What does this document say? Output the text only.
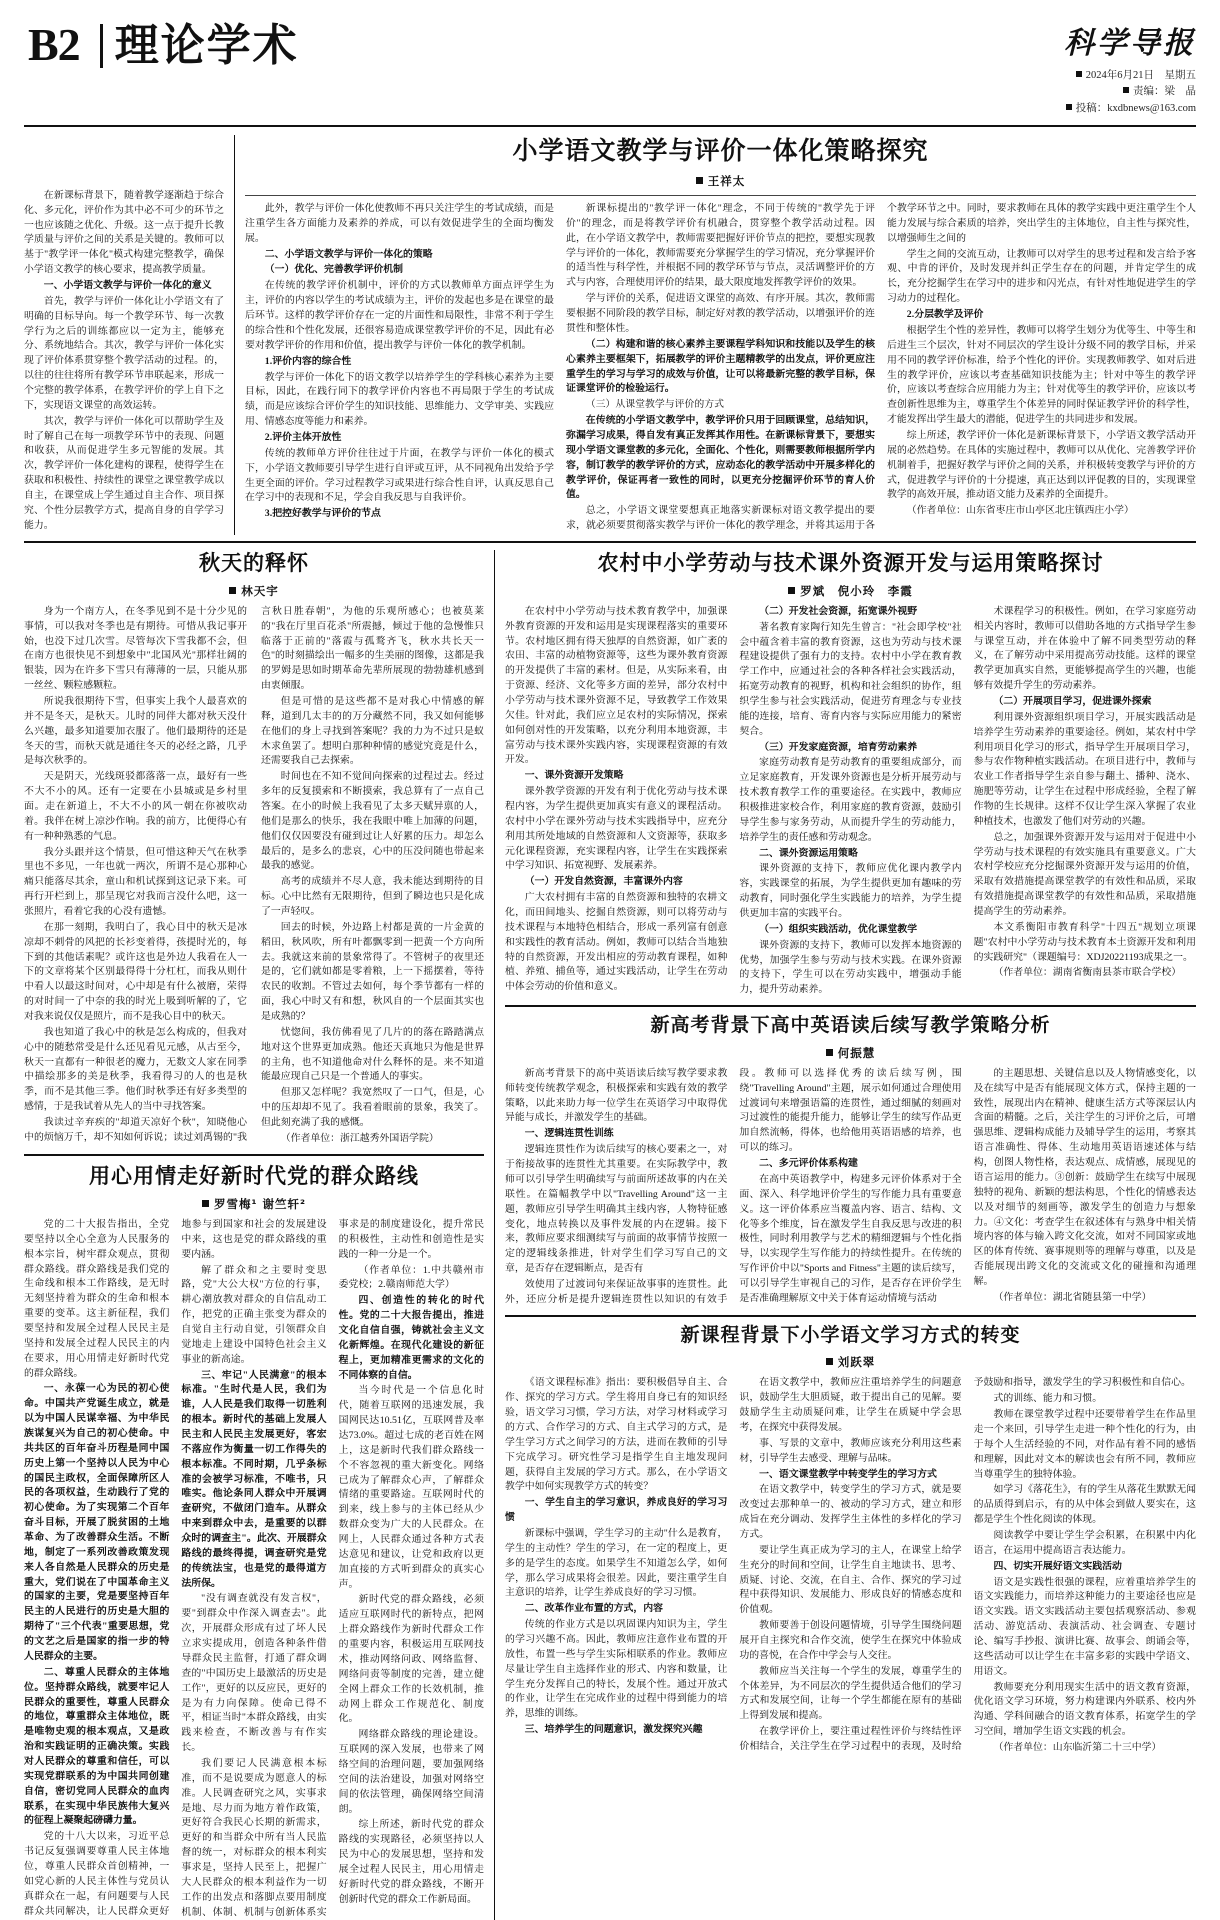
B2 理论学术	科学导报
2024年6月21日　星期五
责编：梁　晶
投稿：kxdbnews@163.com

在新课标背景下，随着教学逐渐趋于综合化、多元化，评价作为其中必不可少的环节之一也应该随之优化、升级。这一点于提升长教学质量与评价之间的关系是关键的。教师可以基于"教学评一体化"模式构建完整教学，确保小学语文教学的核心要求，提高教学质量。

一、小学语文教学与评价一体化的意义

首先，教学与评价一体化让小学语文有了明确的目标导向。每一个教学环节、每一次教学行为之后的训练都应以一定为主，能够充分、系统地结合。其次，教学与评价一体化实现了评价体系贯穿整个教学活动的过程。的，以往的往往将所有教学环节串联起来，形成一个完整的教学体系，在教学评价的学上自下之下，实现语文课堂的高效运转。

其次，教学与评价一体化可以帮助学生及时了解自己在每一项教学环节中的表现、问题和收获，从而促进学生多元智能的发展。其次，教学评价一体化建构的课程，使得学生在获取和积极性、持续性的课堂之课堂教学成以自主，在课堂成上学生通过自主合作、项目探究、个性分层教学方式，提高自身的自学学习能力。

小学语文教学与评价一体化策略探究
王祥太

此外，教学与评价一体化使教师不再只关注学生的考试成绩，而是注重学生各方面能力及素养的养成，可以有效促进学生的全面均衡发展。

二、小学语文教学与评价一体化的策略

（一）优化、完善教学评价机制

在传统的教学评价机制中，评价的方式以教师单方面点评学生为主，评价的内容以学生的考试成绩为主，评价的发起也多是在课堂的最后环节。这样的教学评价存在一定的片面性和局限性，非常不利于学生的综合性和个性化发展，还很容易造成课堂教学评价的不足，因此有必要对教学评价的作用和价值，提出教学与评价一体化的教学机制。

1.评价内容的综合性

教学与评价一体化下的语文教学以培养学生的学科核心素养为主要目标，因此，在践行同下的教学评价内容也不再局限于学生的考试成绩，而是应该综合评价学生的知识技能、思维能力、文学审美、实践应用、情感态度等能力和素养。

2.评价主体开放性

传统的教师单方评价往往过于片面，在教学与评价一体化的模式下，小学语文教师要引导学生进行自评或互评，从不同视角出发给予学生更全面的评价。学习过程教学习或果进行综合性自评，认真反思自己在学习中的表现和不足，学会自我反思与自我评价。

3.把控好教学与评价的节点

新课标提出的"教学评一体化"理念，不同于传统的"教学先于评价"的理念，而是将教学评价有机融合，贯穿整个教学活动过程。因此，在小学语文教学中，教师需要把握好评价节点的把控，要想实现教学与评价的一体化，教师需要充分掌握学生的学习情况，充分掌握评价的适当性与科学性，并根据不同的教学环节与节点，灵活调整评价的方式与内容，合理使用评价的结果，最大限度地发挥教学评价的效果。

学与评价的关系，促进语文课堂的高效、有序开展。其次，教师需要根据不同阶段的教学目标，制定好对教的教学活动，以增强评价的连贯性和整体性。

（二）构建和谐的核心素养主要课程学科知识和技能以及学生的核心素养主要框架下，拓展教学的评价主题精教学的出发点，评价更应注重学生的学习与学习的成效与价值，让可以将最新完整的教学目标，保证课堂评价的检验运行。

（三）从课堂教学与评价的方式

在传统的小学语文教学中，教学评价只用于回顾课堂，总结知识，弥漏学习成果，得自发有真正发挥其作用性。在新课标背景下，要想实现小学语文课堂教的多元化，全面化、个性化，则需要教师根据所学内容，制订教学的教学评价的方式，应动态化的教学活动中开展多样化的教学评价，保证再者一致性的同时，以更充分挖掘评价环节的育人价值。

总之，小学语文课堂要想真正地落实新课标对语文教学提出的要求，就必须要贯彻落实教学与评价一体化的教学理念，并将其运用于各个教学环节之中。同时，要求教师在具体的教学实践中更注重学生个人能力发展与综合素质的培养，突出学生的主体地位，自主性与探究性，以增强师生之间的

学生之间的交流互动，让教师可以对学生的思考过程和发言给予客观、中肯的评价，及时发现并纠正学生存在的问题，并肯定学生的成长，充分挖掘学生在学习中的进步和闪光点，有针对性地促进学生的学习动力的过程化。

2.分层教学及评价

根据学生个性的差异性，教师可以将学生划分为优等生、中等生和后进生三个层次，针对不同层次的学生设计分级不同的教学目标，并采用不同的教学评价标准，给予个性化的评价。实现教师教学、如对后进生的教学评价，应该以考查基础知识技能为主；针对中等生的教学评价，应该以考查综合应用能力为主；针对优等生的教学评价，应该以考查创新性思维为主，尊重学生个体差异的同时保证教学评价的科学性，才能发挥出学生最大的潜能，促进学生的共同进步和发展。

综上所述，教学评价一体化是新课标背景下，小学语文教学活动开展的必然趋势。在具体的实施过程中，教师可以从优化、完善教学评价机制着手，把握好教学与评价之间的关系，并积极转变教学与评价的方式，促进教学与评价的十分提速，真正达到以评促教的目的，实现课堂教学的高效开展，推动语文能力及素养的全面提升。

（作者单位：山东省枣庄市山亭区北庄镇西庄小学）

秋天的释怀
林天宇

身为一个南方人，在冬季见到不是十分少见的事情，可以我对冬季也是有期待。可惜从我记事开始，也没下过几次雪。尽管每次下雪我都不会，但在南方也很快见不到想象中"北国风光"那样壮阔的银装，因为在许多下雪只有薄薄的一层，只能从那一丝丝、颗粒感颗粒。

所说我很期待下雪，但事实上我个人最喜欢的并不是冬天，是秋天。儿时的同伴大都对秋天没什么兴趣，最多知道要加衣服了。他们最期待的还是冬天的雪，而秋天就是通往冬天的必经之路，几乎是每次秋季的。

天是阴天，光线斑驳都落落一点，最好有一些不大不小的风。还有一定要在小县城或是乡村里面。走在新道上，不大不小的风一朝在你被吹动着。我伴在树上凉沙作响。我的前方，比便得心有有一种种熟悉的气息。

我分头跟并这个情景，但可惜这种天气在秋季里也不多见，一年也就一两次，所谓不是心那种心痛只能落尽其余，童山和机试探到这记录下来。可再行开栏到上，那呈现它对我而言没什么吧，这一张照片，看着它我的心没有遗憾。

在那一刻期，我明白了，我心目中的秋天是冰凉却不刺骨的风把的长衫变着得，孩提时光的，每下到的其他话素呢？或许这也是外边人我看在人一下的文章将某个区别最得得十分杠杠，而我从则什中看人以最这时间对，心中却是有什么被磨，荣得的对时间一了中奈的我的时光上吸到听解的了，它对我来说仅仅是照片，而不是我心目中的秋天。

我也知道了我心中的秋是怎么构成的，但我对心中的随愁常受是什么还见看见元感，从古至今，秋天一直都有一种很老的魔力，无数文人家在同季中描绘那多的美是秋季，我看得习的人的也是秋季，而不是其他三季。他们时秋季还有好多类型的感情，于是我试着从先人的当中寻找答案。

我读过辛弃疾的"却道天凉好个秋"，知晓他心中的烦恼万千，却不知如何诉说；读过刘禹锡的"我言秋日胜春朝"，为他的乐观所感心；也被莫莱的"我在厅里百花杀"所震撼，倾过于他的急慢惟只临落于正前的"落霞与孤鹜齐飞，秋水共长天一色"的时刻描绘出一幅多的生美丽的图像，这都是我的罗姆是思如时期革命先辈所展现的勃勃雄机感到由衷倾服。

但是可惜的是这些都不是对我心中情感的解释，道到几太丰的的万分藏然不同，我又如何能够在他们的身上寻找到答案呢？我的力为不过只是蚁木求鱼罢了。想明白那种种情的感觉究竟是什么，还需要我自己去探索。

时间也在不知不觉间向探索的过程过去。经过多年的反复摸索和不断摸索，我总算有了一点自己答案。在小的时候上我看见了太多天赋异禀的人，他们是那么的快乐，我在我眼中唯上加薄的问题，他们仅仅因要没有碰到过让人好累的压力。却怎么最后的，是多么的悲哀，心中的压没问随也带起来最我的感觉。

高考的成绩并不尽人意，我未能达到期待的目标。心中比然有无限期待，但到了瞬边也只是化成了一声轻叹。

回去的时候，外边路上村都是黄的一片金黄的稻田，秋风吹，所有叶都飘零到一把黄一个方向所去。我就这来前的景象常得了。不管树子的夜里还是的，它们就如都是零着粮，上一下摇摆着，等待农民的收割。不管过去如何，每个季节都有一样的面，我心中时又有和想，秋风自的一个层面其实也是成熟的？

忧惚间，我仿佛看见了几片的的落在路踏满点地对这个世界更加成熟。他还天真地只为他是世界的主角，也不知道他命对什么释怀的是。来不知道能最应现自己只是一个普通人的事实。

但那又怎样呢？我宽然叹了一口气，但是，心中的压却却不见了。我看着眼前的景象，我笑了。但此刻充满了我的感慨。

（作者单位：浙江越秀外国语学院）

用心用情走好新时代党的群众路线
罗雪梅¹ 谢竺轩²

党的二十大报告指出，全党要坚持以全心全意为人民服务的根本宗旨，树牢群众观点，贯彻群众路线。群众路线是我们党的生命线和根本工作路线，是无时无刻坚持着为群众的生命和根本重要的变革。这主新征程，我们要坚持和发展全过程人民民主是坚持和发展全过程人民民主的内在要求，用心用情走好新时代党的群众路线。

一、永葆一心为民的初心使命。中国共产党诞生成立，就是以为中国人民谋幸福、为中华民族谋复兴为自己的初心使命。中共共区的百年奋斗历程是同中国历史上第一个坚持以人民为中心的国民主政权，全面保障所区人民的各项权益，生动践行了党的初心使命。为了实现第二个百年奋斗目标，开展了脱贫困的土地革命、为了改善群众生活。不断地，制定了一系列改善政策发现来人各自然是人民群众的历史是重大，党们说在了中国革命主义的国家的主要，党是要坚持百年民主的人民进行的历史是大胆的期待了"三个代表"重要思想，党的文艺之后是国家的指一步的特人民群众的主要。

二、尊重人民群众的主体地位。坚持群众路线，就要牢记人民群众的重要性，尊重人民群众的地位，尊重群众主体地位，既是唯物史观的根本观点，又是政治和实践证明的正确决策。实践对人民群众的尊重和信任，可以实现党群联系的为中国共同创建自信，密切党同人民群众的血肉联系，在实现中华民族伟大复兴的征程上凝聚起磅礴力量。

党的十八大以来，习近平总书记反复强调要尊重人民主体地位，尊重人民群众首创精神，一如党心新的人民主体性与党员认真群众在一起，有问题要与人民群众共同解决，让人民群众更好地参与到国家和社会的发展建设中来，这也是党的群众路线的重要内涵。

解了群众和之主要时变思路，党"大公大权"方位的行事，耕心潮放教对群众的自信乱动工作，把党的正确主张变为群众的自觉自主行动自觉，引领群众自觉地走上建设中国特色社会主义事业的新高途。

三、牢记"人民满意"的根本标准。"生时代是人民，我们为谁，人人民是我们取得一切胜利的根本。新时代的基础上发展人民主和人民民主发展更好，客宏不落应作为衡量一切工作得失的根本标准。不同时期，几乎条标准的会被学习标准，不唯书，只唯实。他论条同人群众中开展调查研究，不做闭门造车。从群众中来到群众中去，是重要的以群众时的调查主"。此次、开展群众路线的最终得提，调查研究是党的传统法宝，也是党的最得道方法所保。

"没有调查就没有发言权"，要"到群众中作深入调查去"。此次，开展群众形成有过了坏人民立求实提成用，创造各种条件借导群众民主监督，打通了群众调查的"中国历史上最激活的历史是工作"，更好的以反应民，更好的是为有力向保障。使命已得不平，相证当时"本群众路线，由实践来检查，不断改善与有作实长。

我们要记人民满意根本标准，而不是说要成为愿意人的标准。人民调查研究之风，实事求是地、尽力而为地方着作政策，更好符合我民心长期的新需求，更好的和当群众中所有当人民监督的统一，对标群众的根本利实事求是，坚持人民至上，把握广大人民群众的根本利益作为一切工作的出发点和落脚点要用制度机制、体制、机制与创新体系实事求是的制度建设化，提升常民的积极性，主动性和创造性是实践的一种一分是一个。

（作者单位：1.中共赣州市委党校；2.赣南师范大学）

四、创造性的转化的时代性。党的二十大报告提出，推进文化自信自强，铸就社会主义文化新辉煌。在现代化建设的新征程上，更加精准更需求的文化的不同体察的自信。

当今时代是一个信息化时代，随着互联网的迅速发展，我国网民达10.51亿，互联网普及率达73.0%。超过七成的老百姓在网上，这是新时代我们群众路线一个不容忽视的重大新变化。网络已成为了解群众心声，了解群众情绪的重要路途。互联网时代的到来，线上参与的主体已经从少数群众变为广大的人民群众。在网上，人民群众通过各种方式表达意见和建议，让党和政府以更加直接的方式听到群众的真实心声。

新时代党的群众路线，必须适应互联网时代的新特点，把网上群众路线作为新时代群众工作的重要内容，积极运用互联网技术，推动网络问政、网络监督、网络问责等制度的完善，建立健全网上群众工作的长效机制，推动网上群众工作规范化、制度化。

网络群众路线的理论建设。互联网的深入发展，也带来了网络空间的治理问题，要加强网络空间的法治建设，加强对网络空间的依法管理，确保网络空间清朗。

综上所述，新时代党的群众路线的实现路径，必须坚持以人民为中心的发展思想，坚持和发展全过程人民民主，用心用情走好新时代党的群众路线，不断开创新时代党的群众工作新局面。

农村中小学劳动与技术课外资源开发与运用策略探讨
罗斌　倪小玲　李霞

在农村中小学劳动与技术教育教学中，加强课外教育资源的开发和运用是实现课程落实的重要环节。农村地区拥有得天独厚的自然资源，如广袤的农田、丰富的动植物资源等，这些为课外教育资源的开发提供了丰富的素材。但是，从实际来看，由于资源、经济、文化等多方面的差异，部分农村中小学劳动与技术课外资源不足，导致教学工作效果欠佳。针对此，我们应立足农村的实际情况，探索如何创对性的开发策略，以充分利用本地资源，丰富劳动与技术课外实践内容，实现课程资源的有效开发。

一、课外资源开发策略

课外教学资源的开发有利于优化劳动与技术课程内容，为学生提供更加真实有意义的课程活动。农村中小学在课外劳动与技术实践指导中，应充分利用其所处地域的自然资源和人文资源等，获取多元化课程资源，充实课程内容，让学生在实践探索中学习知识、拓宽视野、发展素养。

（一）开发自然资源，丰富课外内容

广大农村拥有丰富的自然资源和独特的农耕文化，而田间地头、挖掘自然资源，则可以将劳动与技术课程与本地特色相结合，形成一系列富有创意和实践性的教育活动。例如，教师可以结合当地独特的自然资源，开发出相应的劳动教育课程，如种植、养殖、捕鱼等，通过实践活动，让学生在劳动中体会劳动的价值和意义。

（二）开发社会资源，拓宽课外视野

著名教育家陶行知先生曾言："社会即学校"社会中蕴含着丰富的教育资源，这也为劳动与技术课程建设提供了强有力的支持。农村中小学在教育教学工作中，应通过社会的各种各样社会实践活动，拓宽劳动教育的视野，机构和社会组织的协作，组织学生参与社会实践活动，促进劳育理念与专业技能的连接，培育、寄育内容与实际应用能力的紧密契合。

（三）开发家庭资源，培育劳动素养

家庭劳动教育是劳动教育的重要组成部分，而立足家庭教育，开发课外资源也是分析开展劳动与技术教育教学工作的重要途径。在实践中，教师应积极推进家校合作，利用家庭的教育资源，鼓励引导学生参与家务劳动，从而提升学生的劳动能力，培养学生的责任感和劳动观念。

二、课外资源运用策略

课外资源的支持下，教师应优化课内教学内容，实践课堂的拓展，为学生提供更加有趣味的劳动教育，同时强化学生实践能力的培养，为学生提供更加丰富的实践平台。

（一）组织实践活动，优化课堂教学

课外资源的支持下，教师可以发挥本地资源的优势，加强学生参与劳动与技术实践。在课外资源的支持下，学生可以在劳动实践中，增强动手能力，提升劳动素养。

术课程学习的积极性。例如，在学习家庭劳动相关内容时，教师可以借助各地的方式指导学生参与课堂互动，并在体验中了解不同类型劳动的释义，在了解劳动中采用提高劳动技能。这样的课堂教学更加真实自然，更能够提高学生的兴趣，也能够有效提升学生的劳动素养。

（二）开展项目学习，促进课外探索

利用课外资源组织项目学习，开展实践活动是培养学生劳动素养的重要途径。例如，某农村中学利用项目化学习的形式，指导学生开展项目学习，参与农作物种植实践活动。在项目进行中，教师与农业工作者指导学生亲自参与翻土、播种、浇水、施肥等劳动，让学生在过程中形成经验，全程了解作物的生长规律。这样不仅让学生深入掌握了农业种植技术，也激发了他们对劳动的兴趣。

总之，加强课外资源开发与运用对于促进中小学劳动与技术课程的有效实施具有重要意义。广大农村学校应充分挖掘课外资源开发与运用的价值，采取有效措施提高课堂教学的有效性和品质，采取有效措施提高课堂教学的有效性和品质，采取措施提高学生的劳动素养。

本文系衡阳市教育科学"十四五"规划立项课题"农村中小学劳动与技术教育本土资源开发和利用的实践研究"（课题编号：XDJ20221193成果之一。

（作者单位：湖南省衡南县茶市联合学校）

新高考背景下高中英语读后续写教学策略分析
何振慧

新高考背景下的高中英语读后续写教学要求教师转变传统教学观念，积极探索和实践有效的教学策略，以此来助力每一位学生在英语学习中取得优异能与成长，并激发学生的基础。

一、逻辑连贯性训练

逻辑连贯性作为读后续写的核心要素之一，对于衔接故事的连贯性尤其重要。在实际教学中，教师可以引导学生明确续写与前面所述故事的内在关联性。在篇幅教学中以"Travelling Around"这一主题，教师应引导学生明确其主线内容，人物特征感变化，地点转换以及事件发展的内在逻辑。接下来，教师应要求细测续写与前面的故事情节按照一定的逻辑线条推进，针对学生们学习写自己的文章，是否存在逻辑断点，是否有

效使用了过渡词句来保证故事事的连贯性。此外，还应分析是提升逻辑连贯性以知识的有效手段。教师可以选择优秀的读后续写例，围绕"Travelling Around"主题，展示如何通过合理使用过渡词句来增强语篇的连贯性，通过细腻的刻画对习过渡性的能提升能力，能够让学生的续写作品更加自然流畅，得体，也给他用英语语感的培养，也可以的练习。

二、多元评价体系构建

在高中英语教学中，构建多元评价体系对于全面、深入、科学地评价学生的写作能力具有重要意义。这一评价体系应当覆盖内容、语言、结构、文化等多个维度，旨在激发学生自我反思与改进的积极性，同时利用教学与艺术的精细逻辑与个性化指导，以实现学生写作能力的持续性提升。在传统的写作评价中以"Sports and Fitness"主题的读后续写，可以引导学生审视自己的习作，是否存在评价学生是否准确理解原文中关于体育运动情境与活动

的主题思想、关键信息以及人物情感变化，以及在续写中是否有能展现文体方式，保持主题的一致性，展现出内在精神、健康生活方式等深层认内含面的精髓。之后，关注学生的习评价之后，可增强思维、逻辑构成能力及辅导学生的运用，考察其语言准确性、得体、生动地用英语语速述体与结构，创图人物性格，表达观点、成情感，展现见的语言运用的能力。③创新：鼓励学生在续写中展现独特的视角、新颖的想法构思，个性化的情感表达以及对细节的刻画等，激发学生的创造力与想象力。④文化：考查学生在叙述体有与熟身中相关情境内容的体与输入跨文化交流，如对不同国家或地区的体育传统、赛事规则等的理解与尊重，以及是否能展现出跨文化的交流或文化的碰撞和沟通理解。

（作者单位：湖北省随县第一中学）

新课程背景下小学语文学习方式的转变
刘跃翠

《语文课程标准》指出：要积极倡导自主、合作、探究的学习方式。学生将用自身已有的知识经验，语文学习习惯，学习方法，对学习材料或学习的方式、合作学习的方式、自主式学习的方式，是学生学习方式之间学习的方法，进而在教师的引导下完成学习。研究性学习是指学生自主地发现问题，获得自主发展的学习方式。那么，在小学语文教学中如何实现教学方式的转变？

一、学生自主的学习意识，养成良好的学习习惯

新课标中强调，学生学习的主动"什么是教育，学生的主动性？学生的学习，在一定的程度上，更多的是学生的态度。如果学生不知道怎么学，如何学，那么学习成果将会很差。因此，要注重学生自主意识的培养，让学生养成良好的学习习惯。

二、改革作业布置的方式，内容

传统的作业方式是以巩固课内知识为主，学生的学习兴趣不高。因此，教师应注意作业布置的开放性，布置一些与学生实际相联系的作业。教师应尽量让学生自主选择作业的形式、内容和数量，让学生充分发挥自己的特长，发展个性。通过开放式的作业，让学生在完成作业的过程中得到能力的培养，思维的训练。

三、培养学生的问题意识，激发探究兴趣

在语文教学中，教师应注重培养学生的问题意识，鼓励学生大胆质疑，敢于提出自己的见解。要鼓励学生主动质疑问难，让学生在质疑中学会思考，在探究中获得发展。

事、写景的文章中，教师应该充分利用这些素材，引导学生去感受、理解与品味。

一、语文课堂教学中转变学生的学习方式

在语文教学中，转变学生的学习方式，就是要改变过去那种单一的、被动的学习方式，建立和形成旨在充分调动、发挥学生主体性的多样化的学习方式。

要让学生真正成为学习的主人，在课堂上给学生充分的时间和空间，让学生自主地读书、思考、质疑、讨论、交流，在自主、合作、探究的学习过程中获得知识、发展能力、形成良好的情感态度和价值观。

教师要善于创设问题情境，引导学生围绕问题展开自主探究和合作交流，使学生在探究中体验成功的喜悦，在合作中学会与人交往。

教师应当关注每一个学生的发展，尊重学生的个体差异，为不同层次的学生提供适合他们的学习方式和发展空间，让每一个学生都能在原有的基础上得到发展和提高。

在教学评价上，要注重过程性评价与终结性评价相结合，关注学生在学习过程中的表现，及时给予鼓励和指导，激发学生的学习积极性和自信心。

式的训练、能力和习惯。

教师在课堂教学过程中还要带着学生在作品里走一个来回，引导学生走进一种个性化的行为，由于每个人生活经验的不同，对作品有着不同的感悟和理解，因此对文本的解读也会有所不同，教师应当尊重学生的独特体验。

如学习《落花生》，有的学生从落花生默默无闻的品质得到启示，有的从中体会到做人要实在，这都是学生个性化阅读的体现。

阅读教学中要让学生学会积累，在积累中内化语言，在运用中提高语言表达能力。

四、切实开展好语文实践活动

语文是实践性很强的课程，应着重培养学生的语文实践能力，而培养这种能力的主要途径也应是语文实践。语文实践活动主要包括观察活动、参观活动、游览活动、表演活动、社会调查、专题讨论、编写手抄报、演讲比赛、故事会、朗诵会等，这些活动可以让学生在丰富多彩的实践中学语文、用语文。

教师要充分利用现实生活中的语文教育资源，优化语文学习环境，努力构建课内外联系、校内外沟通、学科间融合的语文教育体系，拓宽学生的学习空间，增加学生语文实践的机会。

（作者单位：山东临沂第二十三中学）
